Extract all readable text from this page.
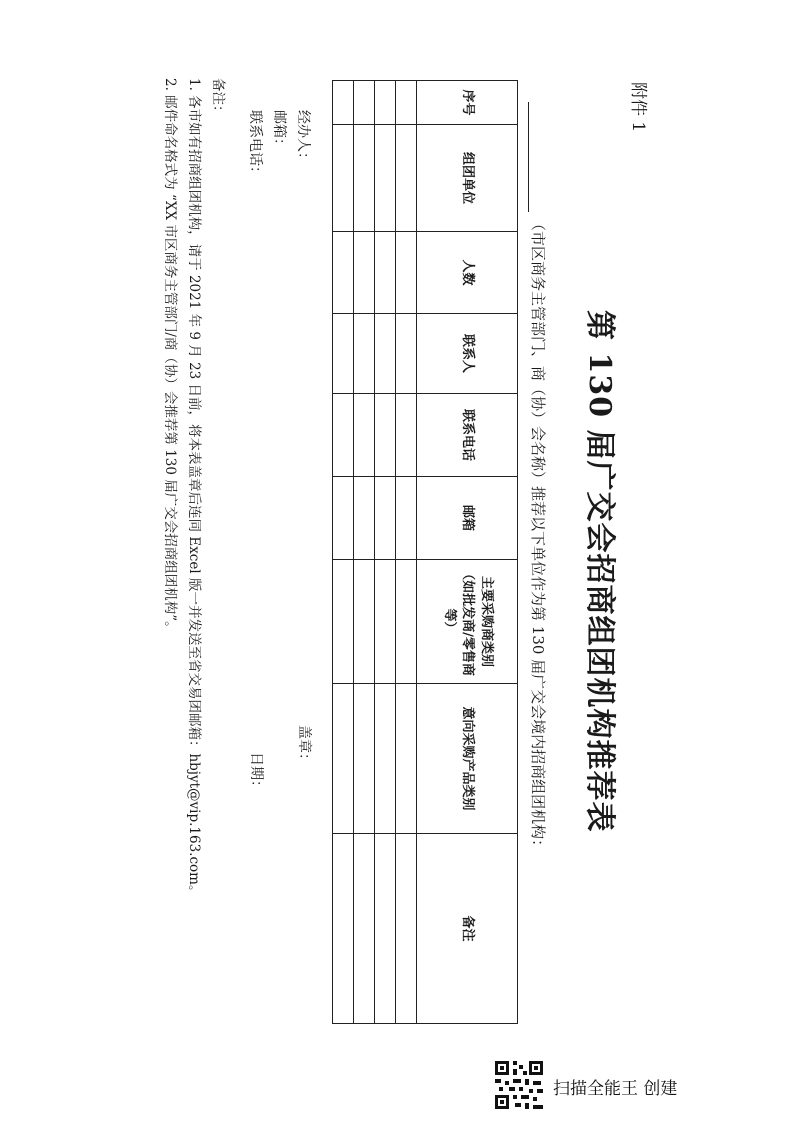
附件 1
第 130 届广交会招商组团机构推荐表
（市区商务主管部门、商（协）会名称）推荐以下单位作为第 130 届广交会境内招商组团机构：
序号	组团单位	人数	联系人	联系电话	邮箱	主要采购商类别
（如批发商/零售商等）	意向采购产品类别	备注

经办人：
邮箱：
联系电话：
盖章：
日期：
备注：
1. 各市如有招商组团机构，请于 2021 年 9 月 23 日前，将本表盖章后连同 Excel 版一并发送至省交易团邮箱：hbjyt@vip.163.com。
2. 邮件命名格式为 “XX 市区商务主管部门/商（协）会推荐第 130 届广交会招商组团机构”。
扫描全能王 创建
